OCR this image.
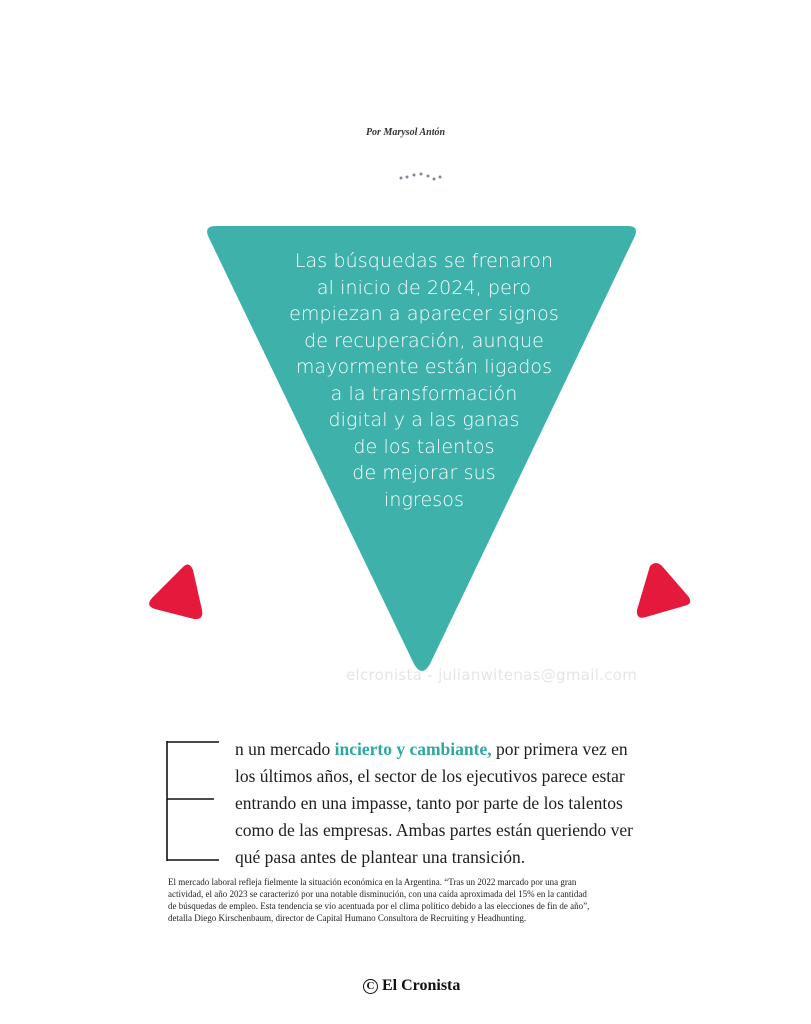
Por Marysol Antón
Las búsquedas se frenaron
al inicio de 2024, pero
empiezan a aparecer signos
de recuperación, aunque
mayormente están ligados
a la transformación
digital y a las ganas
de los talentos
de mejorar sus
ingresos
elcronista - julianwitenas@gmail.com
n un mercado incierto y cambiante, por primera vez en
los últimos años, el sector de los ejecutivos parece estar
entrando en una impasse, tanto por parte de los talentos
como de las empresas. Ambas partes están queriendo ver
qué pasa antes de plantear una transición.
El mercado laboral refleja fielmente la situación económica en la Argentina. “Tras un 2022 marcado por una gran
actividad, el año 2023 se caracterizó por una notable disminución, con una caída aproximada del 15% en la cantidad
de búsquedas de empleo. Esta tendencia se vio acentuada por el clima político debido a las elecciones de fin de año”,
detalla Diego Kirschenbaum, director de Capital Humano Consultora de Recruiting y Headhunting.
C El Cronista
